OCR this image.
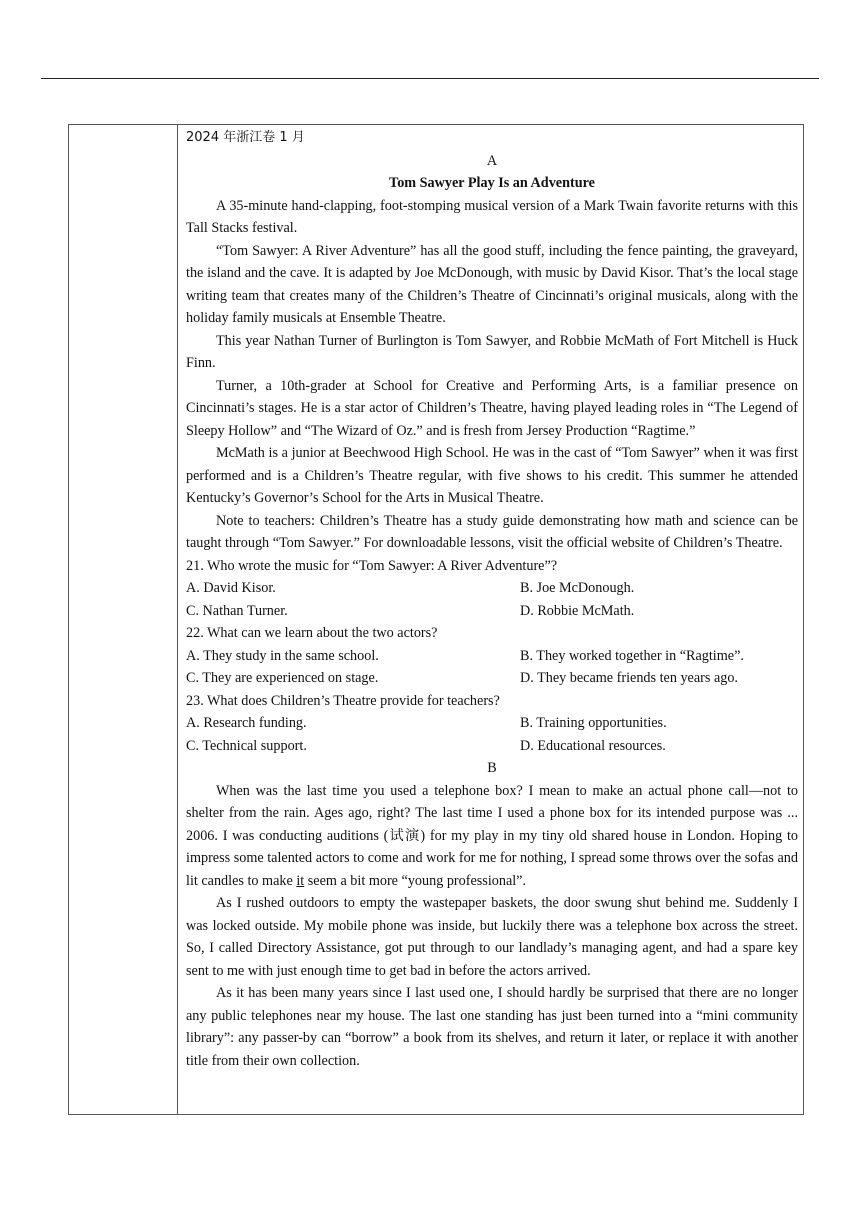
2024 年浙江卷 1 月

A

Tom Sawyer Play Is an Adventure

A 35-minute hand-clapping, foot-stomping musical version of a Mark Twain favorite returns with this Tall Stacks festival.

“Tom Sawyer: A River Adventure” has all the good stuff, including the fence painting, the graveyard, the island and the cave. It is adapted by Joe McDonough, with music by David Kisor. That’s the local stage writing team that creates many of the Children’s Theatre of Cincinnati’s original musicals, along with the holiday family musicals at Ensemble Theatre.

This year Nathan Turner of Burlington is Tom Sawyer, and Robbie McMath of Fort Mitchell is Huck Finn.

Turner, a 10th-grader at School for Creative and Performing Arts, is a familiar presence on Cincinnati’s stages. He is a star actor of Children’s Theatre, having played leading roles in “The Legend of Sleepy Hollow” and “The Wizard of Oz.” and is fresh from Jersey Production “Ragtime.”

McMath is a junior at Beechwood High School. He was in the cast of “Tom Sawyer” when it was first performed and is a Children’s Theatre regular, with five shows to his credit. This summer he attended Kentucky’s Governor’s School for the Arts in Musical Theatre.

Note to teachers: Children’s Theatre has a study guide demonstrating how math and science can be taught through “Tom Sawyer.” For downloadable lessons, visit the official website of Children’s Theatre.

21. Who wrote the music for “Tom Sawyer: A River Adventure”?

A. David Kisor.	B. Joe McDonough.
C. Nathan Turner.	D. Robbie McMath.

22. What can we learn about the two actors?

A. They study in the same school.	B. They worked together in “Ragtime”.
C. They are experienced on stage.	D. They became friends ten years ago.

23. What does Children’s Theatre provide for teachers?

A. Research funding.	B. Training opportunities.
C. Technical support.	D. Educational resources.

B

When was the last time you used a telephone box? I mean to make an actual phone call—not to shelter from the rain. Ages ago, right? The last time I used a phone box for its intended purpose was ... 2006. I was conducting auditions (试演) for my play in my tiny old shared house in London. Hoping to impress some talented actors to come and work for me for nothing, I spread some throws over the sofas and lit candles to make it seem a bit more “young professional”.

As I rushed outdoors to empty the wastepaper baskets, the door swung shut behind me. Suddenly I was locked outside. My mobile phone was inside, but luckily there was a telephone box across the street. So, I called Directory Assistance, got put through to our landlady’s managing agent, and had a spare key sent to me with just enough time to get bad in before the actors arrived.

As it has been many years since I last used one, I should hardly be surprised that there are no longer any public telephones near my house. The last one standing has just been turned into a “mini community library”: any passer-by can “borrow” a book from its shelves, and return it later, or replace it with another title from their own collection.
